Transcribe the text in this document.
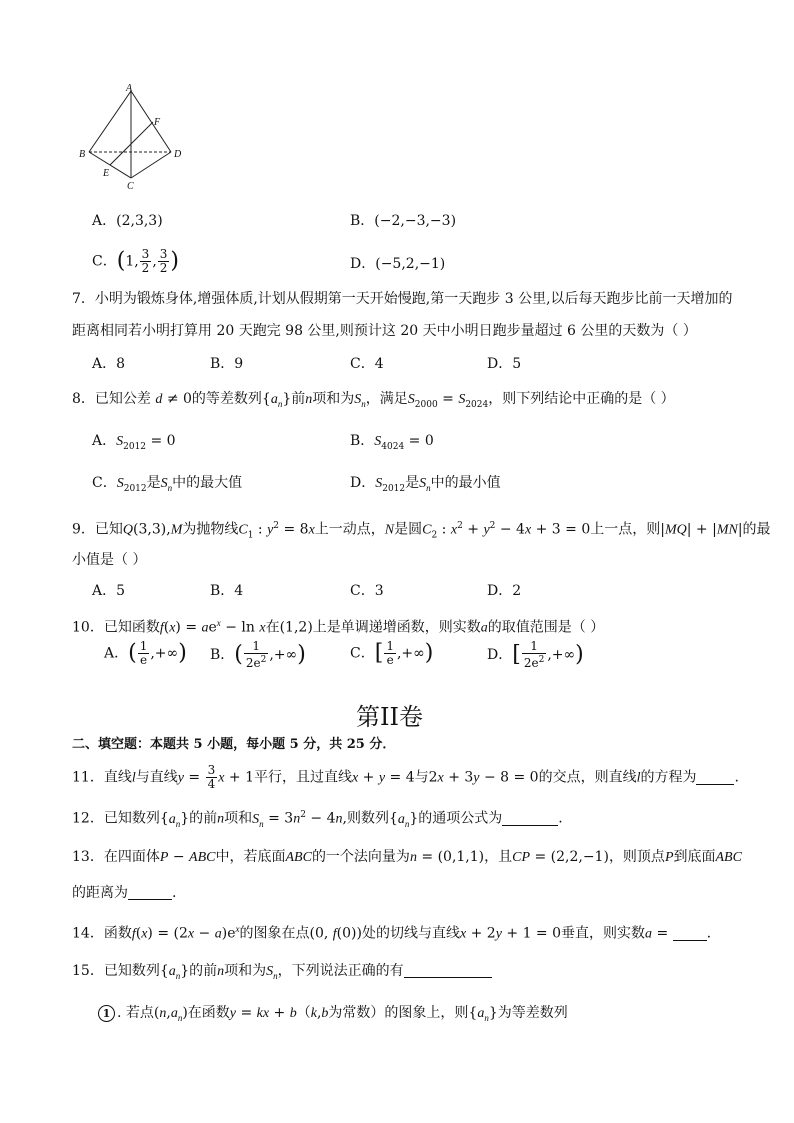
A
F
B	D
E
C
A．(2,3,3)	B．(−2,−3,−3)
C．(1, $\frac{3}{2}$ , $\frac{3}{2}$ )	D．(−5,2,−1)
7．小明为锻炼身体,增强体质,计划从假期第一天开始慢跑,第一天跑步 3 公里,以后每天跑步比前一天增加的
距离相同若小明打算用 20 天跑完 98 公里,则预计这 20 天中小明日跑步量超过 6 公里的天数为（ ）
A．8	B．9	C．4	D．5
8．已知公差 d ≠ 0的等差数列$\{a_n\}$前n项和为$S_n$，满足$S_{2000} = S_{2024}$，则下列结论中正确的是（ ）
A．$S_{2012} = 0$	B．$S_{4024} = 0$
C．$S_{2012}$是$S_n$中的最大值	D．$S_{2012}$是$S_n$中的最小值
9．已知Q(3,3),M为抛物线$C_1$ : $y^2 = 8x$上一动点，N是圆$C_2$ : $x^2 + y^2 - 4x + 3 = 0$上一点，则|MQ| + |MN|的最
小值是（ ）
A．5	B．4	C．3	D．2
10．已知函数$f(x) = ae^x - \ln x$在(1,2)上是单调递增函数，则实数a的取值范围是（ ）
A．( $\frac{1}{e}$ ,+∞) B．( $\frac{1}{2e^2}$ ,+∞)	C．[ $\frac{1}{e}$ ,+∞)	D．[ $\frac{1}{2e^2}$ ,+∞)
第II卷
二、填空题：本题共 5 小题，每小题 5 分，共 25 分．
11．直线l与直线$y = \frac{3}{4}$ x + 1平行，且过直线x + y = 4与2x + 3y − 8 = 0的交点，则直线l的方程为	.
12．已知数列$\{a_n\}$的前n项和$S_n = 3n^2 - 4n$,则数列$\{a_n\}$的通项公式为	.
13．在四面体P − ABC中，若底面ABC的一个法向量为n = (0,1,1)，且CP = (2,2,−1)，则顶点P到底面ABC
的距离为	.
14．函数$f(x) = (2x - a)e^x$的图象在点(0, f(0))处的切线与直线x + 2y + 1 = 0垂直，则实数a = .
15．已知数列$\{a_n\}$的前n项和为$S_n$，下列说法正确的有
1 . 若点$(n,a_n)$在函数y = kx + b（k,b为常数）的图象上，则$\{a_n\}$为等差数列
